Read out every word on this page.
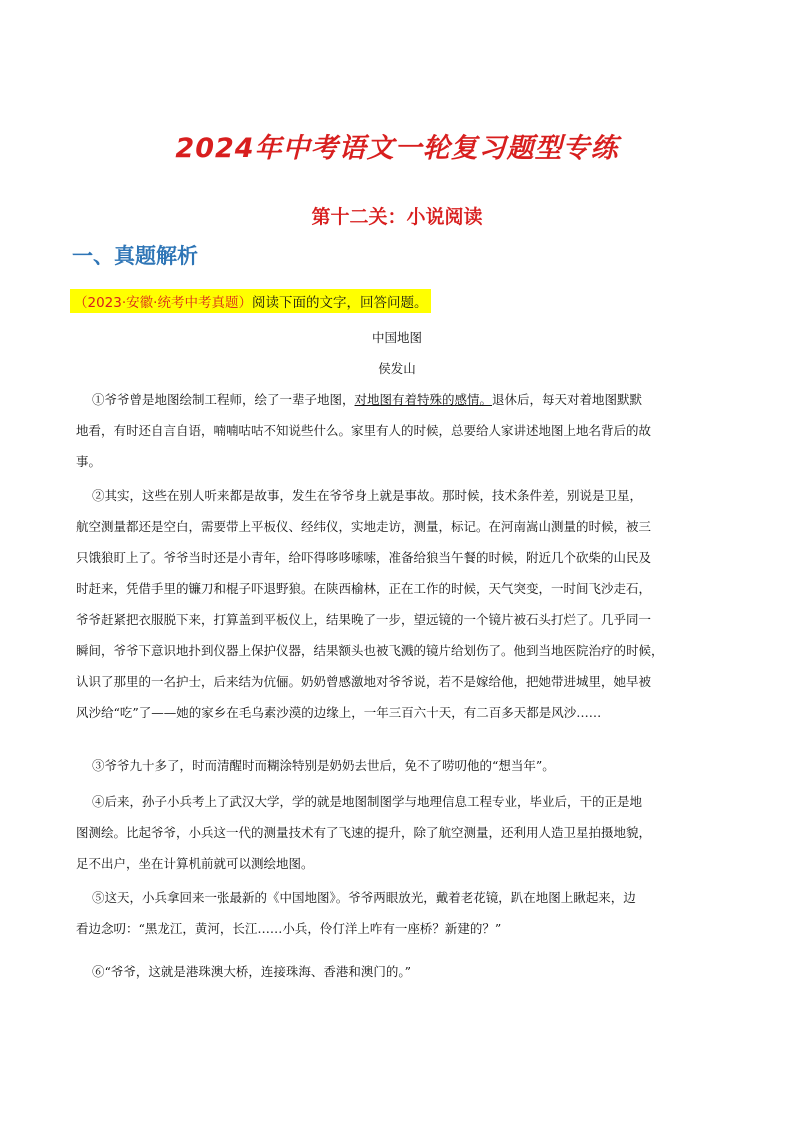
2024年中考语文一轮复习题型专练
第十二关：小说阅读
一、真题解析
（2023·安徽·统考中考真题）阅读下面的文字，回答问题。
中国地图
侯发山
①爷爷曾是地图绘制工程师，绘了一辈子地图，对地图有着特殊的感情。退休后，每天对着地图默默
地看，有时还自言自语，喃喃咕咕不知说些什么。家里有人的时候，总要给人家讲述地图上地名背后的故
事。
②其实，这些在别人听来都是故事，发生在爷爷身上就是事故。那时候，技术条件差，别说是卫星，
航空测量都还是空白，需要带上平板仪、经纬仪，实地走访，测量，标记。在河南嵩山测量的时候，被三
只饿狼盯上了。爷爷当时还是小青年，给吓得哆哆嗦嗦，准备给狼当午餐的时候，附近几个砍柴的山民及
时赶来，凭借手里的镰刀和棍子吓退野狼。在陕西榆林，正在工作的时候，天气突变，一时间飞沙走石，
爷爷赶紧把衣服脱下来，打算盖到平板仪上，结果晚了一步，望远镜的一个镜片被石头打烂了。几乎同一
瞬间，爷爷下意识地扑到仪器上保护仪器，结果额头也被飞溅的镜片给划伤了。他到当地医院治疗的时候，
认识了那里的一名护士，后来结为伉俪。奶奶曾感激地对爷爷说，若不是嫁给他，把她带进城里，她早被
风沙给“吃”了——她的家乡在毛乌素沙漠的边缘上，一年三百六十天，有二百多天都是风沙……
③爷爷九十多了，时而清醒时而糊涂特别是奶奶去世后，免不了唠叨他的“想当年”。
④后来，孙子小兵考上了武汉大学，学的就是地图制图学与地理信息工程专业，毕业后，干的正是地
图测绘。比起爷爷，小兵这一代的测量技术有了飞速的提升，除了航空测量，还利用人造卫星拍摄地貌，
足不出户，坐在计算机前就可以测绘地图。
⑤这天，小兵拿回来一张最新的《中国地图》。爷爷两眼放光，戴着老花镜，趴在地图上瞅起来，边
看边念叨：“黑龙江，黄河，长江……小兵，伶仃洋上咋有一座桥？新建的？”
⑥“爷爷，这就是港珠澳大桥，连接珠海、香港和澳门的。”
